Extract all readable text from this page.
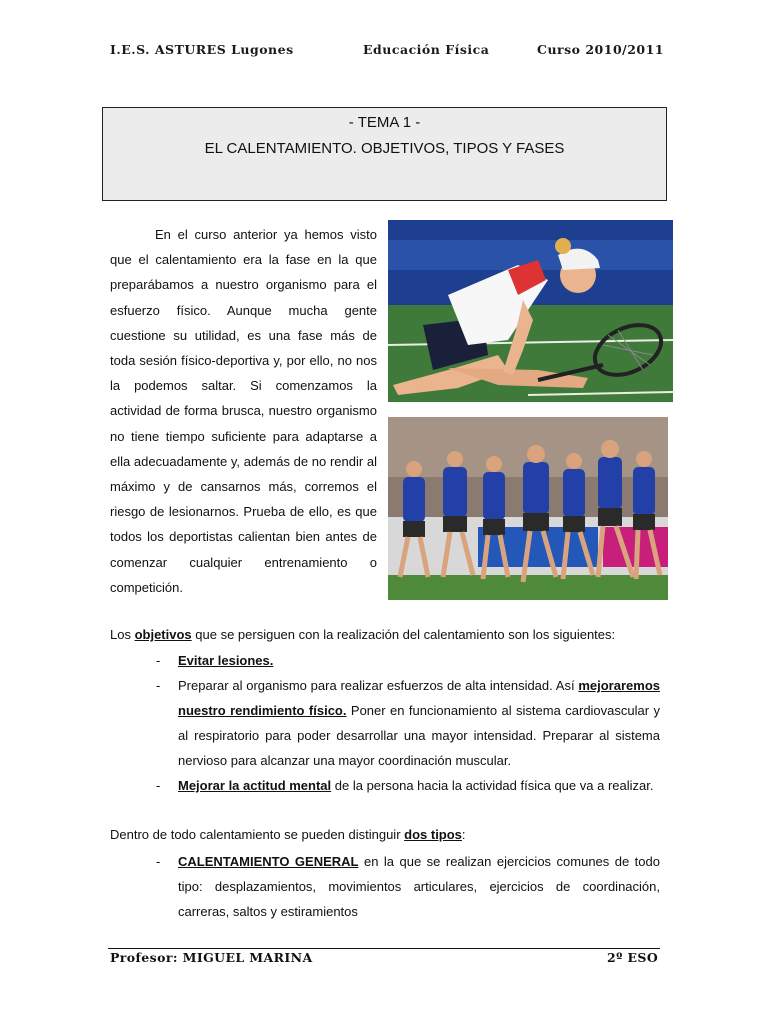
I.E.S. ASTURES Lugones	Educación Física	Curso 2010/2011
- TEMA 1 -
EL CALENTAMIENTO. OBJETIVOS, TIPOS Y FASES
En el curso anterior ya hemos visto que el calentamiento era la fase en la que preparábamos a nuestro organismo para el esfuerzo físico. Aunque mucha gente cuestione su utilidad, es una fase más de toda sesión físico-deportiva y, por ello, no nos la podemos saltar. Si comenzamos la actividad de forma brusca, nuestro organismo no tiene tiempo suficiente para adaptarse a ella adecuadamente y, además de no rendir al máximo y de cansarnos más, corremos el riesgo de lesionarnos. Prueba de ello, es que todos los deportistas calientan bien antes de comenzar cualquier entrenamiento o competición.
Los objetivos que se persiguen con la realización del calentamiento son los siguientes:
- Evitar lesiones.
- Preparar al organismo para realizar esfuerzos de alta intensidad. Así mejoraremos nuestro rendimiento físico. Poner en funcionamiento al sistema cardiovascular y al respiratorio para poder desarrollar una mayor intensidad. Preparar al sistema nervioso para alcanzar una mayor coordinación muscular.
- Mejorar la actitud mental de la persona hacia la actividad física que va a realizar.
Dentro de todo calentamiento se pueden distinguir dos tipos:
- CALENTAMIENTO GENERAL en la que se realizan ejercicios comunes de todo tipo: desplazamientos, movimientos articulares, ejercicios de coordinación, carreras, saltos y estiramientos
Profesor: MIGUEL MARINA	2º ESO
